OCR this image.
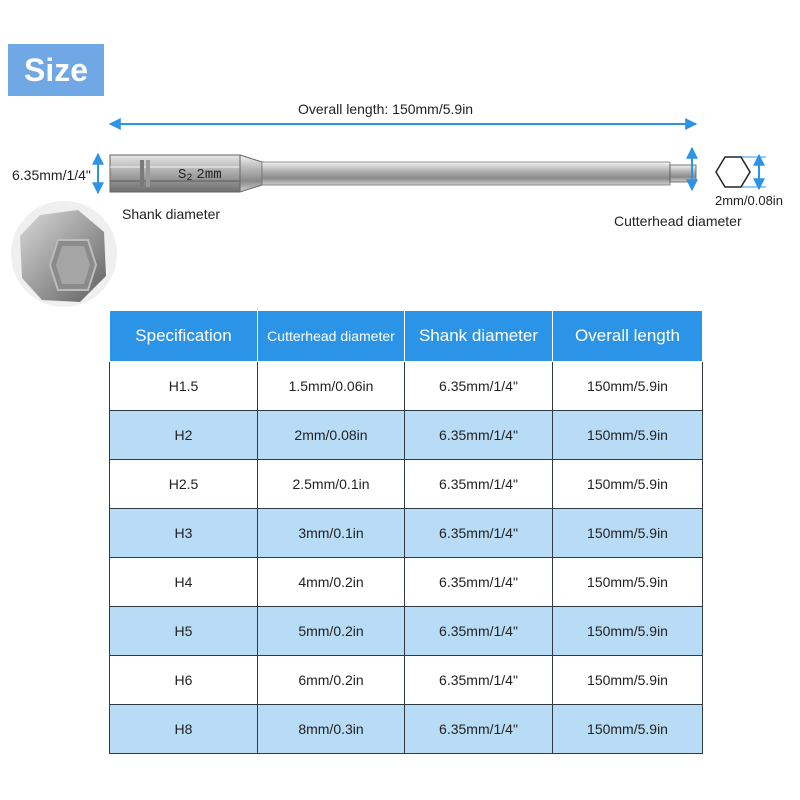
Size
S2 2mm
Overall length: 150mm/5.9in
6.35mm/1/4"
Shank diameter
2mm/0.08in
Cutterhead diameter
Specification	Cutterhead diameter	Shank diameter	Overall length
H1.5	1.5mm/0.06in	6.35mm/1/4"	150mm/5.9in
H2	2mm/0.08in	6.35mm/1/4"	150mm/5.9in
H2.5	2.5mm/0.1in	6.35mm/1/4"	150mm/5.9in
H3	3mm/0.1in	6.35mm/1/4"	150mm/5.9in
H4	4mm/0.2in	6.35mm/1/4"	150mm/5.9in
H5	5mm/0.2in	6.35mm/1/4"	150mm/5.9in
H6	6mm/0.2in	6.35mm/1/4"	150mm/5.9in
H8	8mm/0.3in	6.35mm/1/4"	150mm/5.9in
